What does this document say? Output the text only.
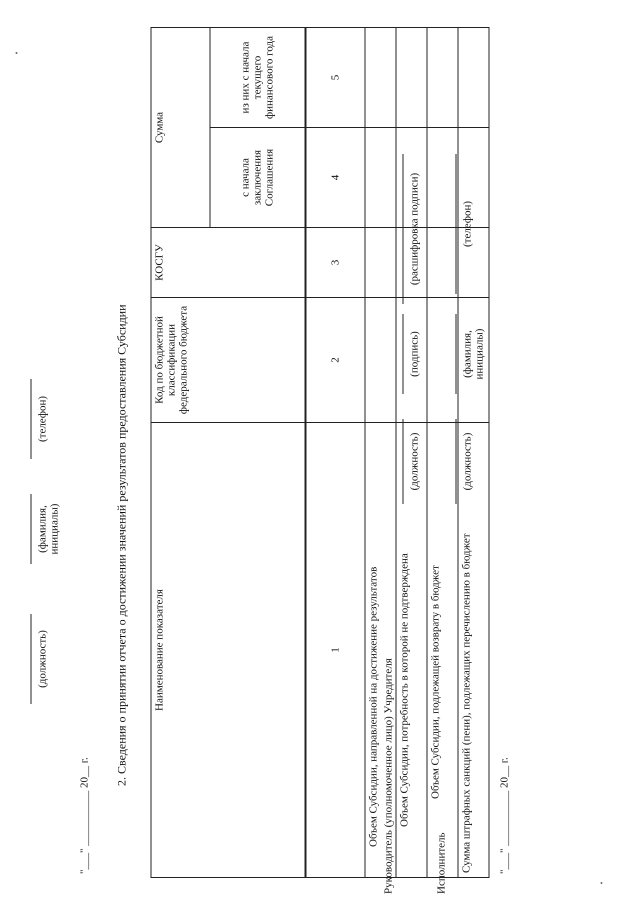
(должность)
(фамилия, инициалы)
(телефон)
"___" __________ 20__ г.
2. Сведения о принятии отчета о достижении значений результатов предоставления Субсидии Наименование показателя	Код по бюджетной классификации федерального бюджета	КОСГУ	Сумма	
			с начала заключения Соглашения	из них с начала текущего финансового года
1	2	3	4	5
Объем Субсидии, направленной на достижение результатов				
Объем Субсидии, потребность в которой не подтверждена				
Объем Субсидии, подлежащей возврату в бюджет				
Сумма штрафных санкций (пени), подлежащих перечислению в бюджет				
Руководитель (уполномоченное лицо) Учредителя
(должность)
(подпись)
(расшифровка подписи)
Исполнитель
(должность)
(фамилия, инициалы)
(телефон)
"___" __________ 20__ г.
